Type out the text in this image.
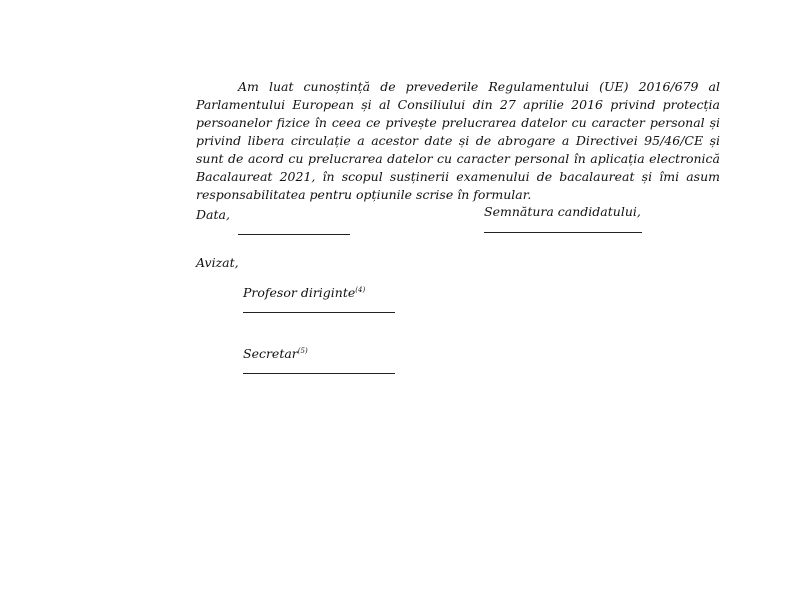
Am luat cunoștință de prevederile Regulamentului (UE) 2016/679 al
Parlamentului European și al Consiliului din 27 aprilie 2016 privind protecția
persoanelor fizice în ceea ce privește prelucrarea datelor cu caracter personal și
privind libera circulație a acestor date și de abrogare a Directivei 95/46/CE și
sunt de acord cu prelucrarea datelor cu caracter personal în aplicația electronică
Bacalaureat 2021, în scopul susținerii examenului de bacalaureat și îmi asum
responsabilitatea pentru opțiunile scrise în formular.
Data,	Semnătura candidatului,
Avizat,
Profesor diriginte$^{(4)}$
Secretar$^{(5)}$
